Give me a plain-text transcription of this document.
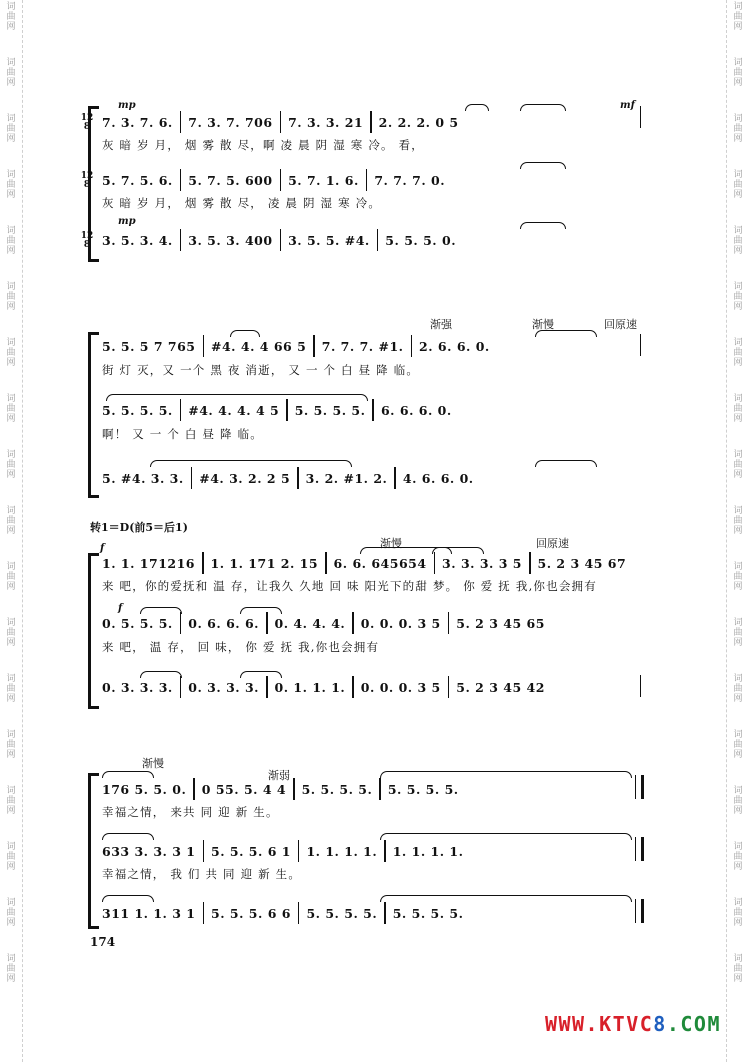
词
曲
网
词
曲
网
词
曲
网
词
曲
网
词
曲
网
词
曲
网
词
曲
网
词
曲
网
词
曲
网
词
曲
网
词
曲
网
词
曲
网
词
曲
网
词
曲
网
词
曲
网
词
曲
网
词
曲
网
词
曲
网
词
曲
网
词
曲
网
词
曲
网
词
曲
网
词
曲
网
词
曲
网
词
曲
网
词
曲
网
词
曲
网
词
曲
网
词
曲
网
词
曲
网
词
曲
网
词
曲
网
词
曲
网
词
曲
网
词
曲
网
词
曲
网
12
8
mp	mf
7. 3. 7. 6. 7. 3. 7. 706 7. 3. 3. 21 2. 2. 2. 0 5
灰 暗 岁 月， 烟 雾 散 尽，啊 凌 晨 阴 湿 寒 冷。 看，
12
8 5. 7. 5. 6. 5. 7. 5. 600 5. 7. 1. 6. 7. 7. 7. 0.
灰 暗 岁 月， 烟 雾 散 尽， 凌 晨 阴 湿 寒 冷。
12
8
mp
3. 5. 3. 4. 3. 5. 3. 400 3. 5. 5. #4. 5. 5. 5. 0.
渐强	渐慢	回原速
5. 5. 5 7 765 #4. 4. 4 66 5 7. 7. 7. #1. 2. 6. 6. 0.
街 灯 灭，又 一个 黑 夜 消逝， 又 一 个 白 昼 降 临。
5. 5. 5. 5. #4. 4. 4. 4 5 5. 5. 5. 5. 6. 6. 6. 0.
啊！ 又 一 个 白 昼 降 临。
5. #4. 3. 3. #4. 3. 2. 2 5 3. 2. #1. 2. 4. 6. 6. 0.
转1＝D(前5＝后1)
渐慢	回原速
f
1. 1. 171216 1. 1. 171 2. 15 6. 6. 645654 3. 3. 3. 3 5 5. 2 3 45 67
来 吧，你的爱抚和 温 存，让我久 久地 回 味 阳光下的甜 梦。 你 爱 抚 我,你也会拥有
f
0. 5. 5. 5. 0. 6. 6. 6. 0. 4. 4. 4. 0. 0. 0. 3 5 5. 2 3 45 65
来 吧， 温 存， 回 味， 你 爱 抚 我,你也会拥有
0. 3. 3. 3. 0. 3. 3. 3. 0. 1. 1. 1. 0. 0. 0. 3 5 5. 2 3 45 42
渐慢
渐弱
176 5. 5. 0. 0 55. 5. 4 4 5. 5. 5. 5. 5. 5. 5. 5.
幸福之情， 来共 同 迎 新 生。
633 3. 3. 3 1 5. 5. 5. 6 1 1. 1. 1. 1. 1. 1. 1. 1.
幸福之情， 我 们 共 同 迎 新 生。
311 1. 1. 3 1 5. 5. 5. 6 6 5. 5. 5. 5. 5. 5. 5. 5.
174
WWW.KTVC8.COM
